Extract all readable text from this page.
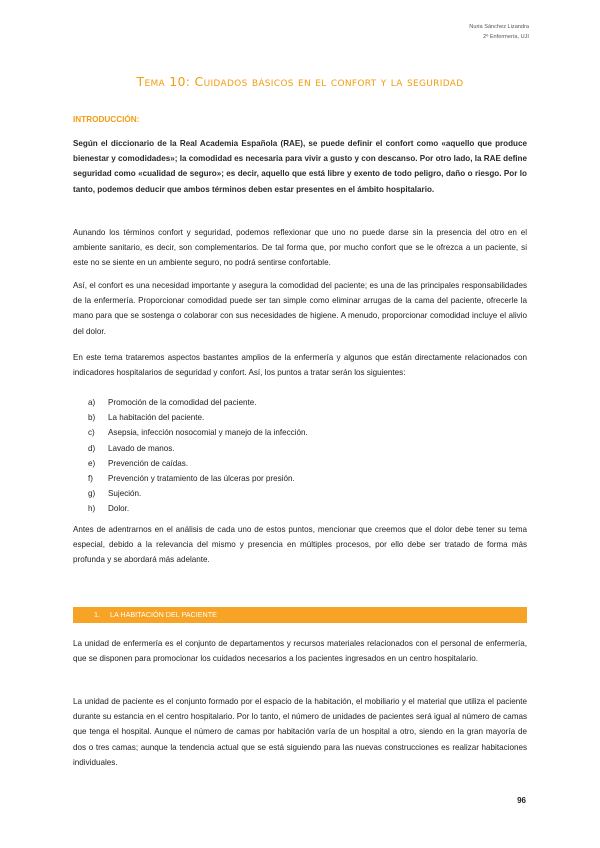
Nuria Sánchez Lizandra
2º Enfermería, UJI
Tema 10: Cuidados básicos en el confort y la seguridad
INTRODUCCIÓN:
Según el diccionario de la Real Academia Española (RAE), se puede definir el confort como «aquello que produce bienestar y comodidades»; la comodidad es necesaria para vivir a gusto y con descanso. Por otro lado, la RAE define seguridad como «cualidad de seguro»; es decir, aquello que está libre y exento de todo peligro, daño o riesgo. Por lo tanto, podemos deducir que ambos términos deben estar presentes en el ámbito hospitalario.
Aunando los términos confort y seguridad, podemos reflexionar que uno no puede darse sin la presencia del otro en el ambiente sanitario, es decir, son complementarios. De tal forma que, por mucho confort que se le ofrezca a un paciente, si este no se siente en un ambiente seguro, no podrá sentirse confortable.
Así, el confort es una necesidad importante y asegura la comodidad del paciente; es una de las principales responsabilidades de la enfermería. Proporcionar comodidad puede ser tan simple como eliminar arrugas de la cama del paciente, ofrecerle la mano para que se sostenga o colaborar con sus necesidades de higiene. A menudo, proporcionar comodidad incluye el alivio del dolor.
En este tema trataremos aspectos bastantes amplios de la enfermería y algunos que están directamente relacionados con indicadores hospitalarios de seguridad y confort. Así, los puntos a tratar serán los siguientes:
a)	Promoción de la comodidad del paciente.
b)	La habitación del paciente.
c)	Asepsia, infección nosocomial y manejo de la infección.
d)	Lavado de manos.
e)	Prevención de caídas.
f)	Prevención y tratamiento de las úlceras por presión.
g)	Sujeción.
h)	Dolor.
Antes de adentrarnos en el análisis de cada uno de estos puntos, mencionar que creemos que el dolor debe tener su tema especial, debido a la relevancia del mismo y presencia en múltiples procesos, por ello debe ser tratado de forma más profunda y se abordará más adelante.
1. LA HABITACIÓN DEL PACIENTE
La unidad de enfermería es el conjunto de departamentos y recursos materiales relacionados con el personal de enfermería, que se disponen para promocionar los cuidados necesarios a los pacientes ingresados en un centro hospitalario.
La unidad de paciente es el conjunto formado por el espacio de la habitación, el mobiliario y el material que utiliza el paciente durante su estancia en el centro hospitalario. Por lo tanto, el número de unidades de pacientes será igual al número de camas que tenga el hospital. Aunque el número de camas por habitación varía de un hospital a otro, siendo en la gran mayoría de dos o tres camas; aunque la tendencia actual que se está siguiendo para las nuevas construcciones es realizar habitaciones individuales.
96
